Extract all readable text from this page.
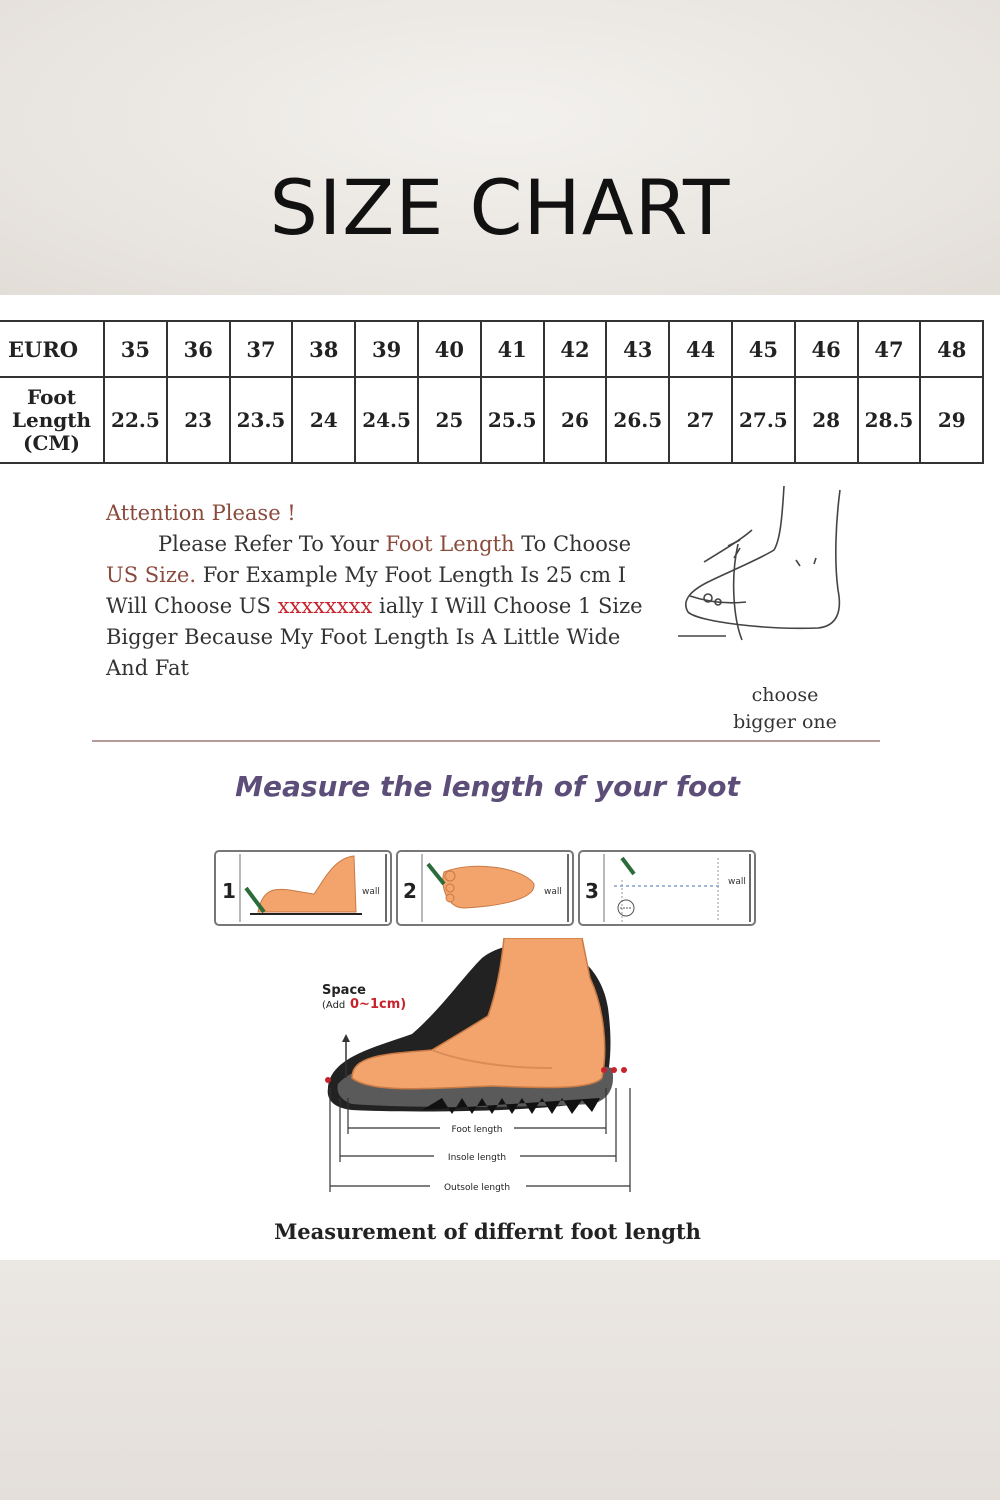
SIZE CHART
EURO	35	36	37	38	39	40	41	42	43	44	45	46	47	48

Foot
Length
(CM)	22.5	23	23.5	24	24.5	25	25.5	26	26.5	27	27.5	28	28.5	29

Attention Please !

Please Refer To Your Foot Length To Choose

US Size. For Example My Foot Length Is 25 cm I

Will Choose US xxxxxxxx ially I Will Choose 1 Size

Bigger Because My Foot Length Is A Little Wide

And Fat

choose
bigger one
Measure the length of your foot
1	wall 2	wall 3	wall
Space
(Add 0~1cm)
Foot length
Insole length
Outsole length
Measurement of differnt foot length
